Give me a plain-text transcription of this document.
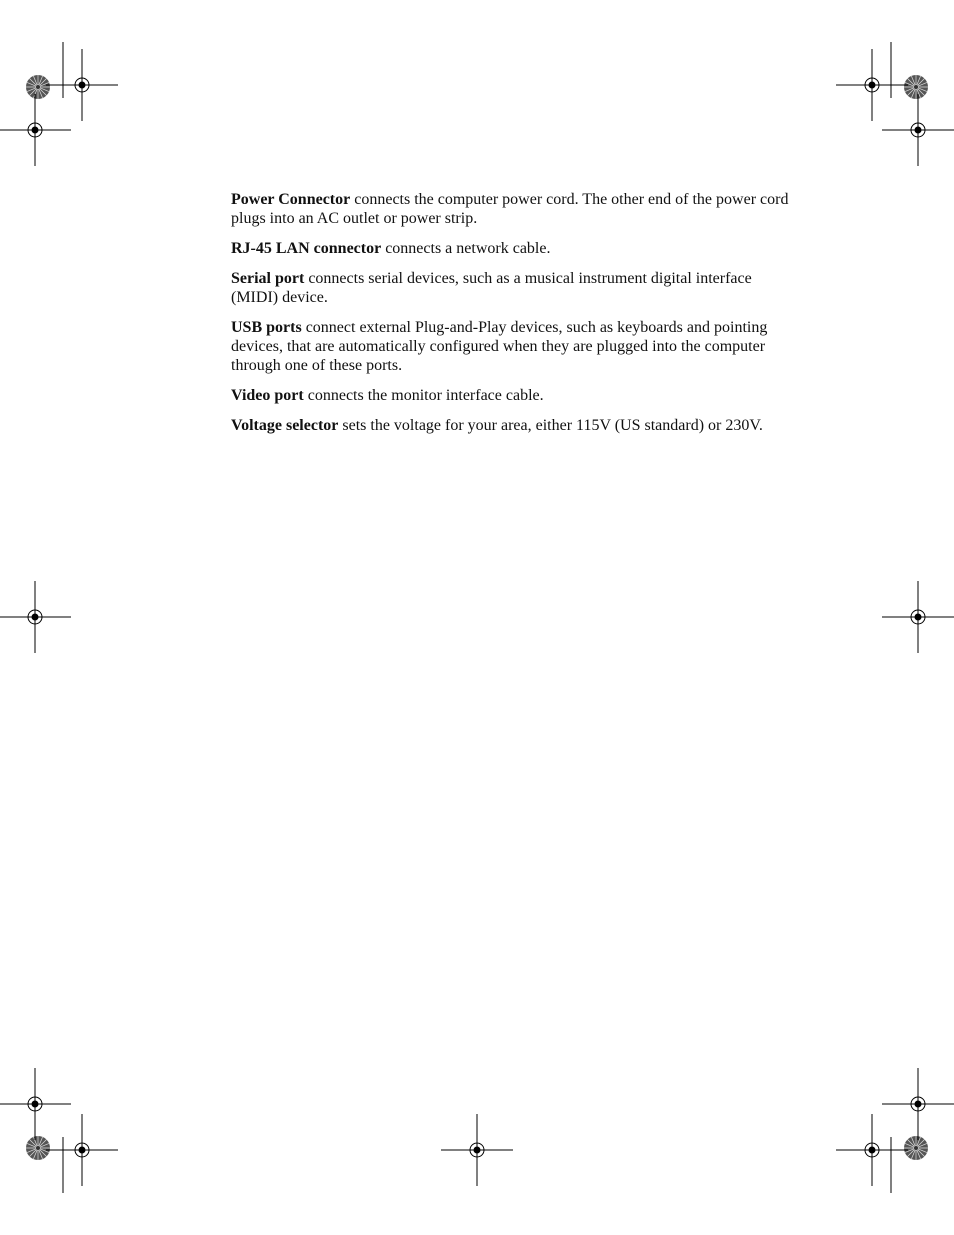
Power Connector connects the computer power cord. The other end of the power cord plugs into an AC outlet or power strip.

RJ-45 LAN connector connects a network cable.

Serial port connects serial devices, such as a musical instrument digital interface (MIDI) device.

USB ports connect external Plug-and-Play devices, such as keyboards and pointing devices, that are automatically configured when they are plugged into the computer through one of these ports.

Video port connects the monitor interface cable.

Voltage selector sets the voltage for your area, either 115V (US standard) or 230V.
